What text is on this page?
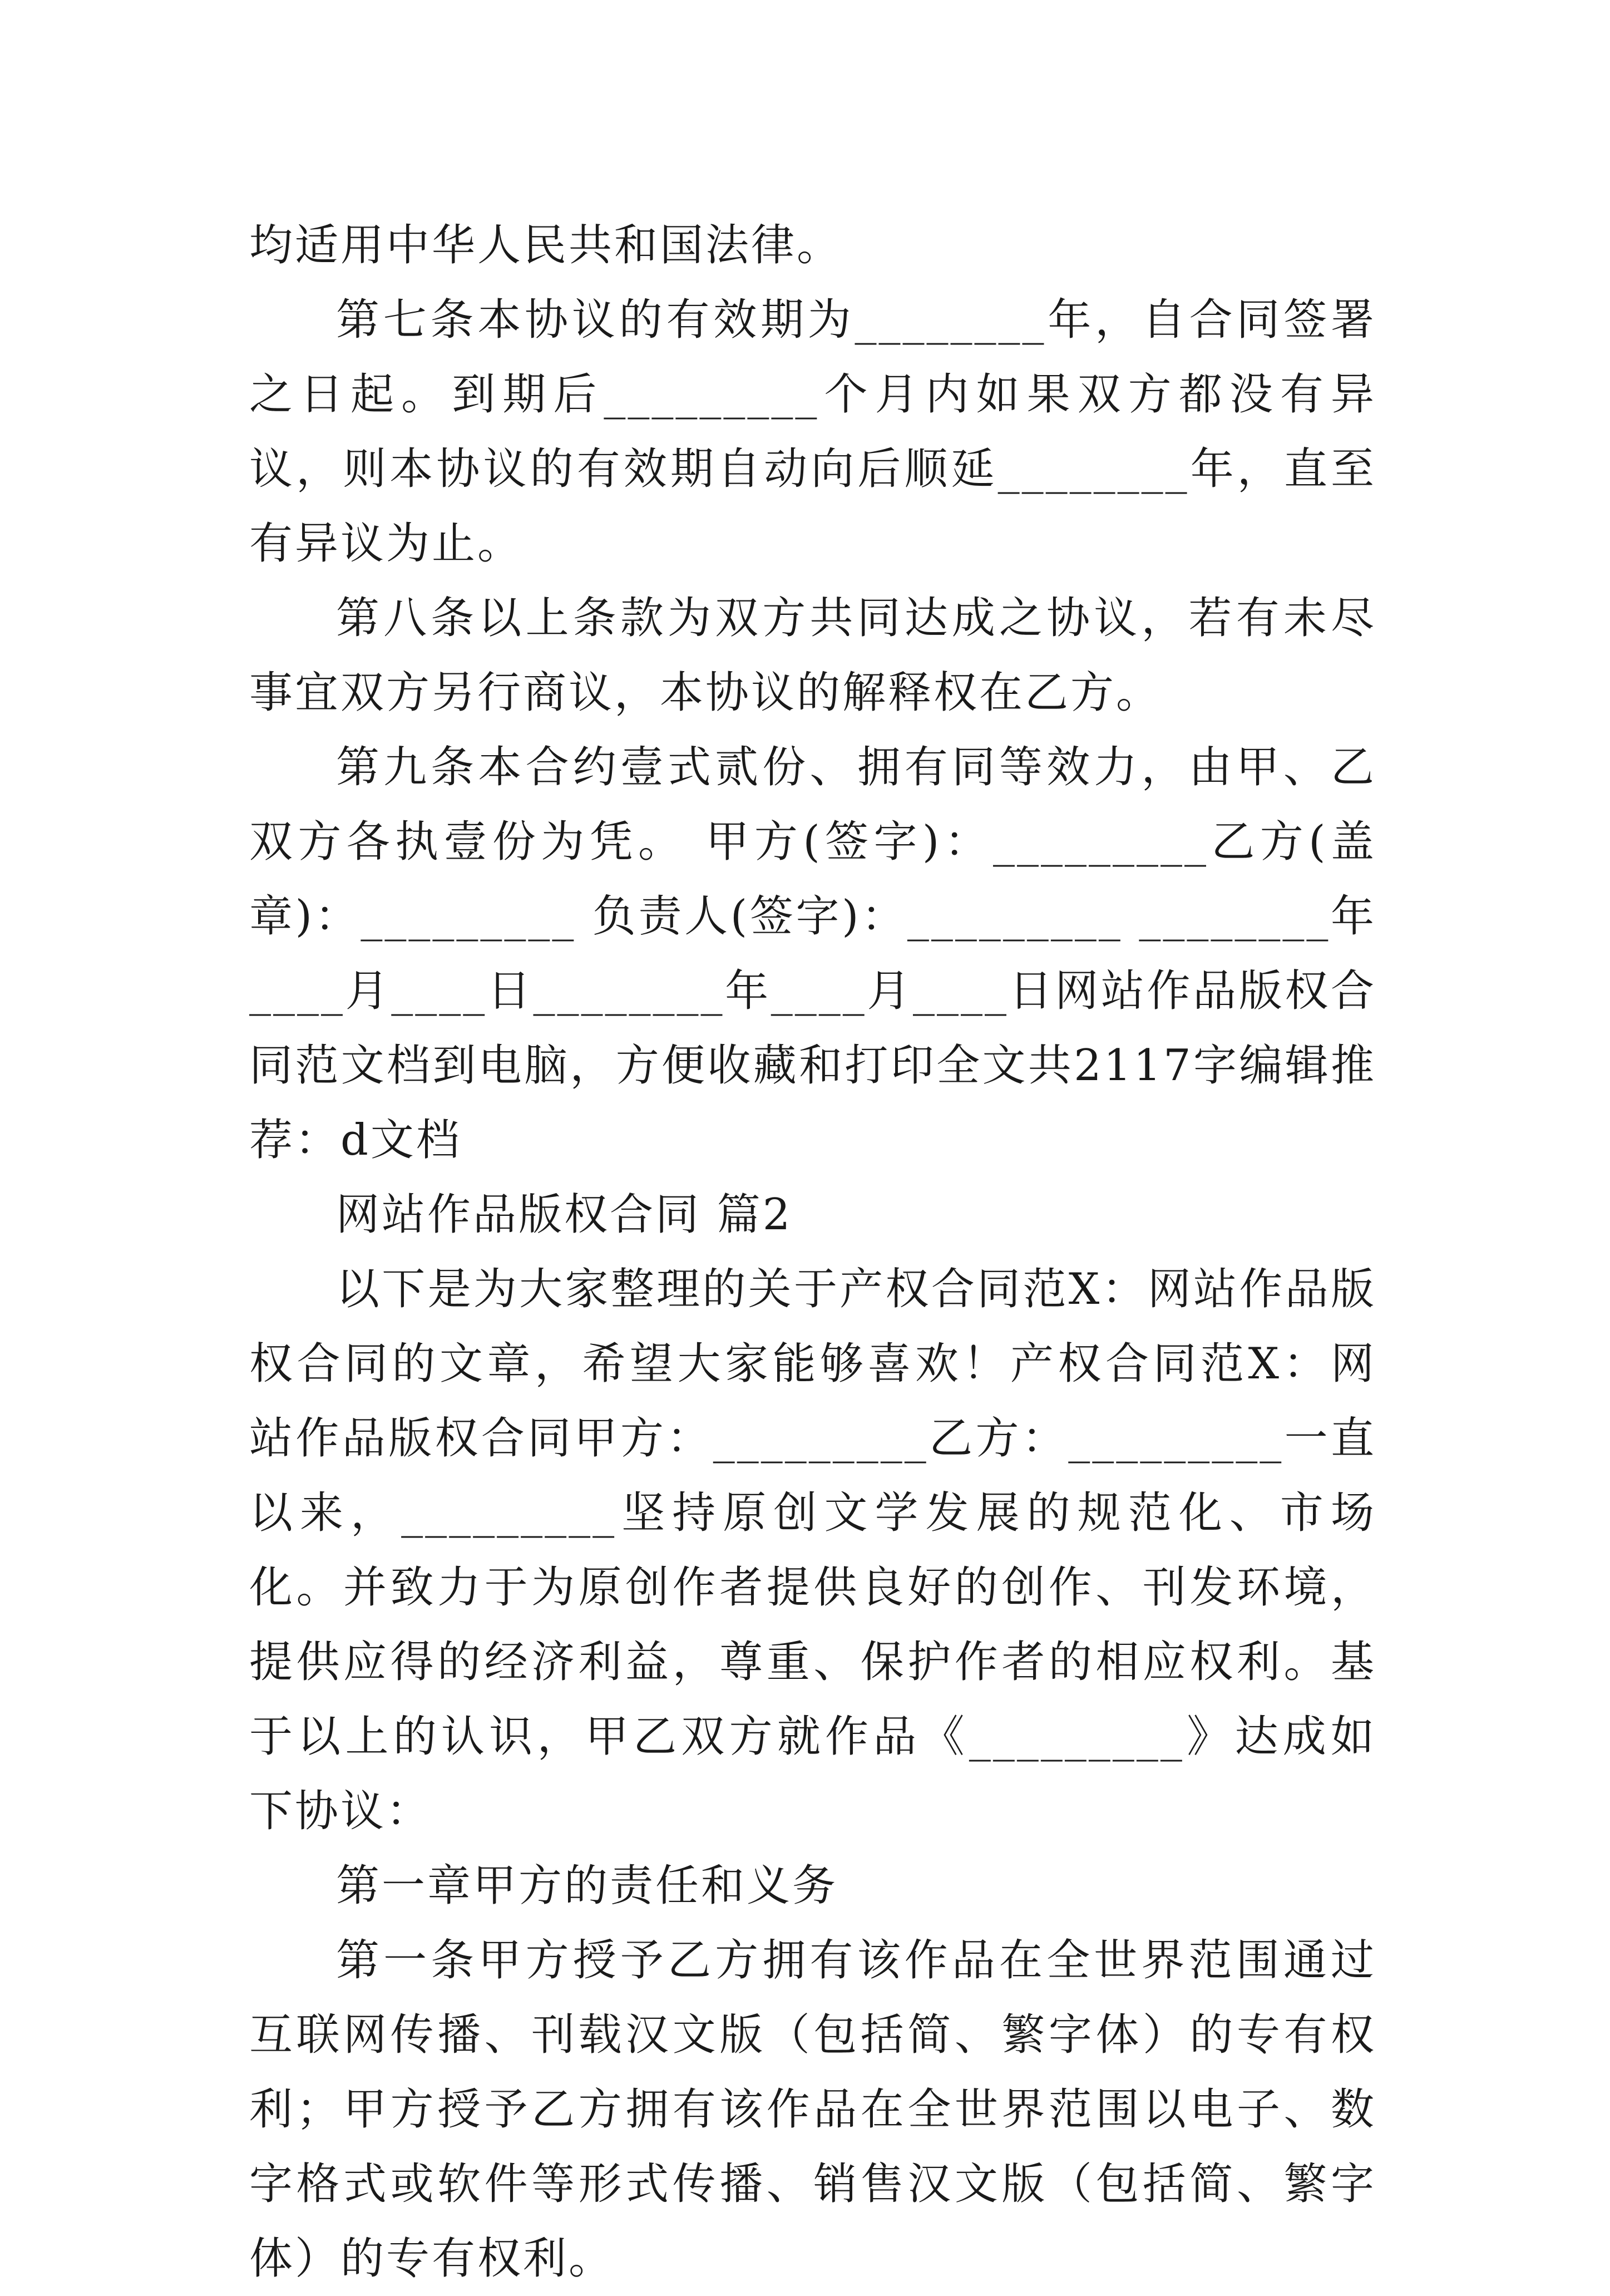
均适用中华人民共和国法律。

第七条本协议的有效期为________年，自合同签署之日起。到期后_________个月内如果双方都没有异议，则本协议的有效期自动向后顺延________年，直至有异议为止。

第八条以上条款为双方共同达成之协议，若有未尽事宜双方另行商议，本协议的解释权在乙方。

第九条本合约壹式贰份、拥有同等效力，由甲、乙双方各执壹份为凭。 甲方(签字)：_________乙方(盖章)：_________ 负责人(签字)：_________ ________年____月____日________年____月____日网站作品版权合同范文档到电脑，方便收藏和打印全文共2117字编辑推荐：d文档

网站作品版权合同 篇2

以下是为大家整理的关于产权合同范X：网站作品版权合同的文章，希望大家能够喜欢！产权合同范X：网站作品版权合同甲方：_________乙方：_________一直以来，_________坚持原创文学发展的规范化、市场化。并致力于为原创作者提供良好的创作、刊发环境，提供应得的经济利益，尊重、保护作者的相应权利。基于以上的认识，甲乙双方就作品《_________》达成如下协议：

第一章甲方的责任和义务

第一条甲方授予乙方拥有该作品在全世界范围通过互联网传播、刊载汉文版（包括简、繁字体）的专有权利；甲方授予乙方拥有该作品在全世界范围以电子、数字格式或软件等形式传播、销售汉文版（包括简、繁字体）的专有权利。
